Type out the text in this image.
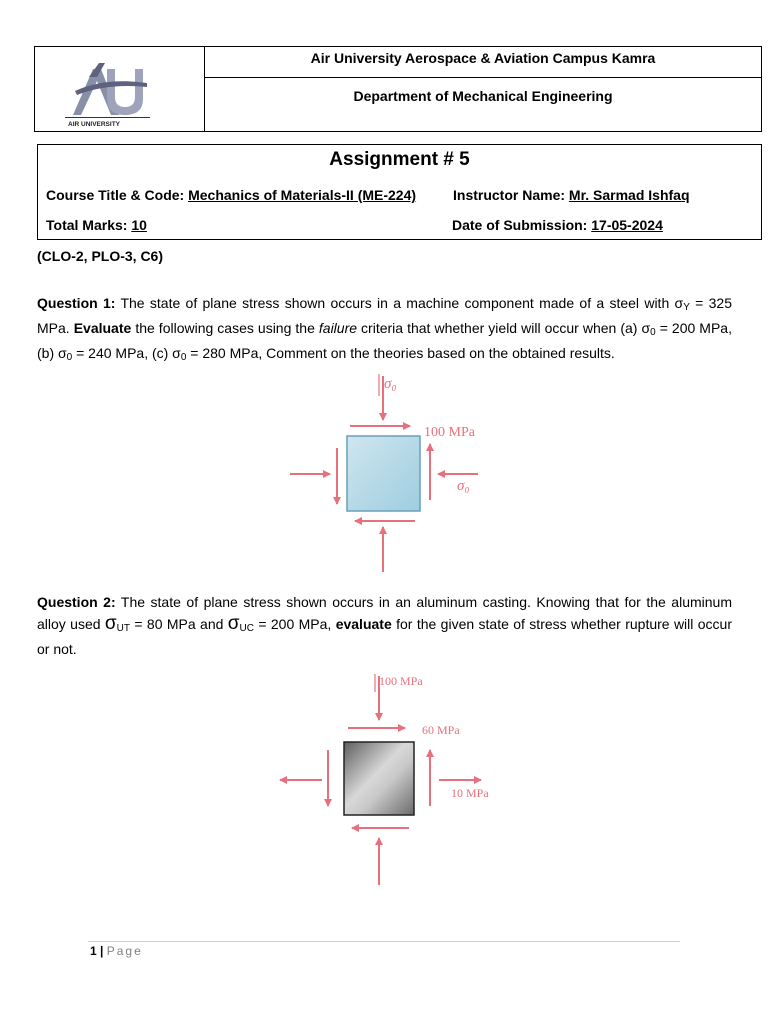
AIR UNIVERSITY
Air University Aerospace & Aviation Campus Kamra
Department of Mechanical Engineering
Assignment # 5
Course Title & Code: Mechanics of Materials-II (ME-224)	Instructor Name: Mr. Sarmad Ishfaq
Total Marks: 10	Date of Submission: 17-05-2024
(CLO-2, PLO-3, C6)
Question 1: The state of plane stress shown occurs in a machine component made of a steel with $\sigma_Y = 325$ MPa. Evaluate the following cases using the failure criteria that whether yield will occur when (a) $\sigma_0 = 200$ MPa, (b) $\sigma_0 = 240$ MPa, (c) $\sigma_0 = 280$ MPa, Comment on the theories based on the obtained results.
σ₀
100 MPa
σ₀
Question 2: The state of plane stress shown occurs in an aluminum casting. Knowing that for the aluminum alloy used $\sigma_{UT} = 80$ MPa and $\sigma_{UC} = 200$ MPa, evaluate for the given state of stress whether rupture will occur or not.
100 MPa
60 MPa
10 MPa
1 | Page
